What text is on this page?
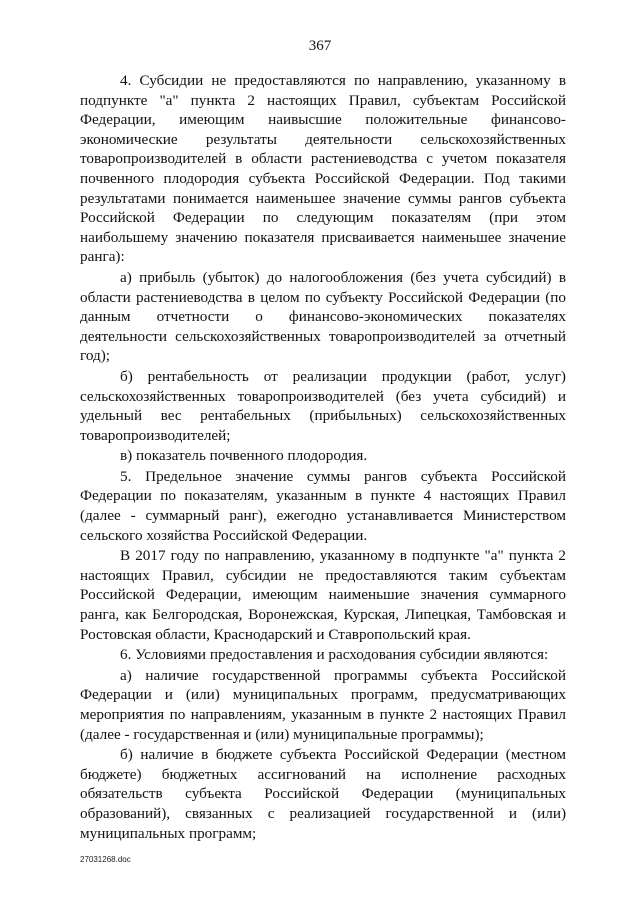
367

4. Субсидии не предоставляются по направлению, указанному в подпункте "а" пункта 2 настоящих Правил, субъектам Российской Федерации, имеющим наивысшие положительные финансово-экономические результаты деятельности сельскохозяйственных товаропроизводителей в области растениеводства с учетом показателя почвенного плодородия субъекта Российской Федерации. Под такими результатами понимается наименьшее значение суммы рангов субъекта Российской Федерации по следующим показателям (при этом наибольшему значению показателя присваивается наименьшее значение ранга):

а) прибыль (убыток) до налогообложения (без учета субсидий) в области растениеводства в целом по субъекту Российской Федерации (по данным отчетности о финансово-экономических показателях деятельности сельскохозяйственных товаропроизводителей за отчетный год);

б) рентабельность от реализации продукции (работ, услуг) сельскохозяйственных товаропроизводителей (без учета субсидий) и удельный вес рентабельных (прибыльных) сельскохозяйственных товаропроизводителей;

в) показатель почвенного плодородия.

5. Предельное значение суммы рангов субъекта Российской Федерации по показателям, указанным в пункте 4 настоящих Правил (далее - суммарный ранг), ежегодно устанавливается Министерством сельского хозяйства Российской Федерации.

В 2017 году по направлению, указанному в подпункте "а" пункта 2 настоящих Правил, субсидии не предоставляются таким субъектам Российской Федерации, имеющим наименьшие значения суммарного ранга, как Белгородская, Воронежская, Курская, Липецкая, Тамбовская и Ростовская области, Краснодарский и Ставропольский края.

6. Условиями предоставления и расходования субсидии являются:

а) наличие государственной программы субъекта Российской Федерации и (или) муниципальных программ, предусматривающих мероприятия по направлениям, указанным в пункте 2 настоящих Правил (далее - государственная и (или) муниципальные программы);

б) наличие в бюджете субъекта Российской Федерации (местном бюджете) бюджетных ассигнований на исполнение расходных обязательств субъекта Российской Федерации (муниципальных образований), связанных с реализацией государственной и (или) муниципальных программ;

27031268.doc
